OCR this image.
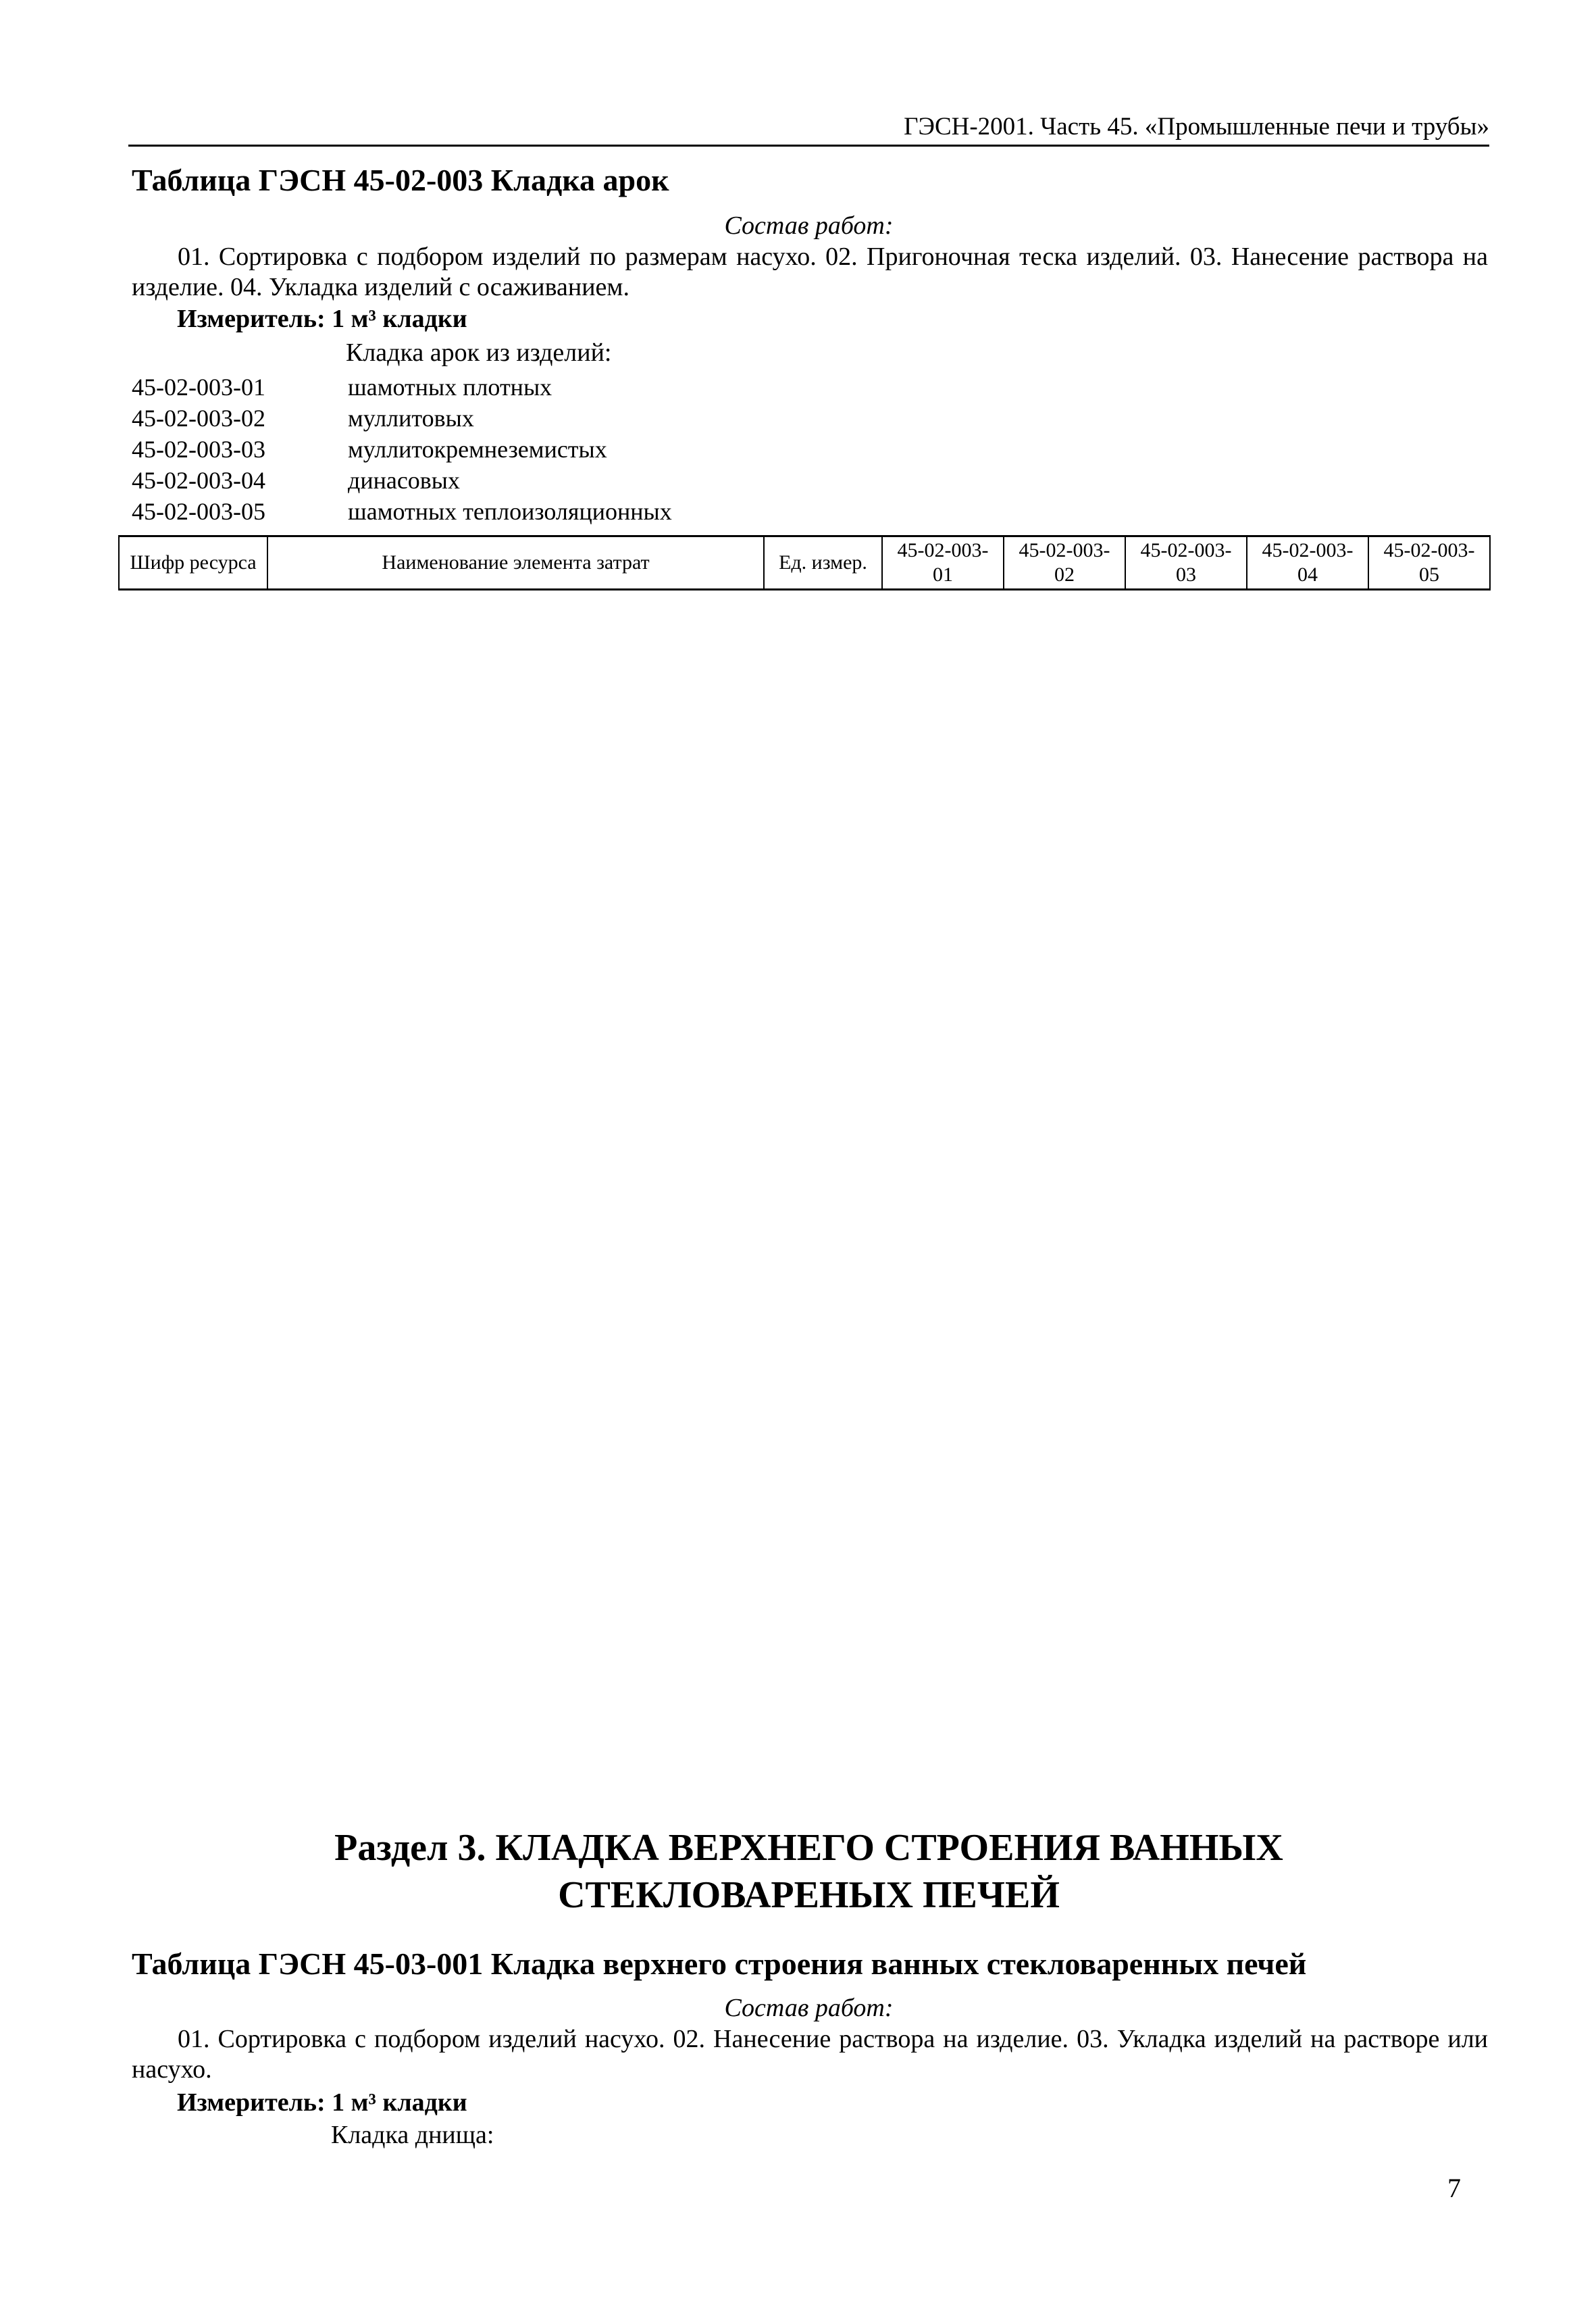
ГЭСН-2001. Часть 45. «Промышленные печи и трубы»
Таблица ГЭСН 45-02-003 Кладка арок
Состав работ:
01. Сортировка с подбором изделий по размерам насухо. 02. Пригоночная теска изделий. 03. Нанесение раствора на изделие. 04. Укладка изделий с осаживанием.
Измеритель: 1 м³ кладки
Кладка арок из изделий:
45-02-003-01	шамотных плотных
45-02-003-02	муллитовых
45-02-003-03	муллитокремнеземистых
45-02-003-04	динасовых
45-02-003-05	шамотных теплоизоляционных
Шифр ресурса	Наименование элемента затрат	Ед. измер.	45-02-003-01	45-02-003-02	45-02-003-03	45-02-003-04	45-02-003-05
Раздел 3. КЛАДКА ВЕРХНЕГО СТРОЕНИЯ ВАННЫХ
СТЕКЛОВАРЕНЫХ ПЕЧЕЙ
Таблица ГЭСН 45-03-001 Кладка верхнего строения ванных стекловаренных печей
Состав работ:
01. Сортировка с подбором изделий насухо. 02. Нанесение раствора на изделие. 03. Укладка изделий на растворе или насухо.
Измеритель: 1 м³ кладки
Кладка днища:
7
